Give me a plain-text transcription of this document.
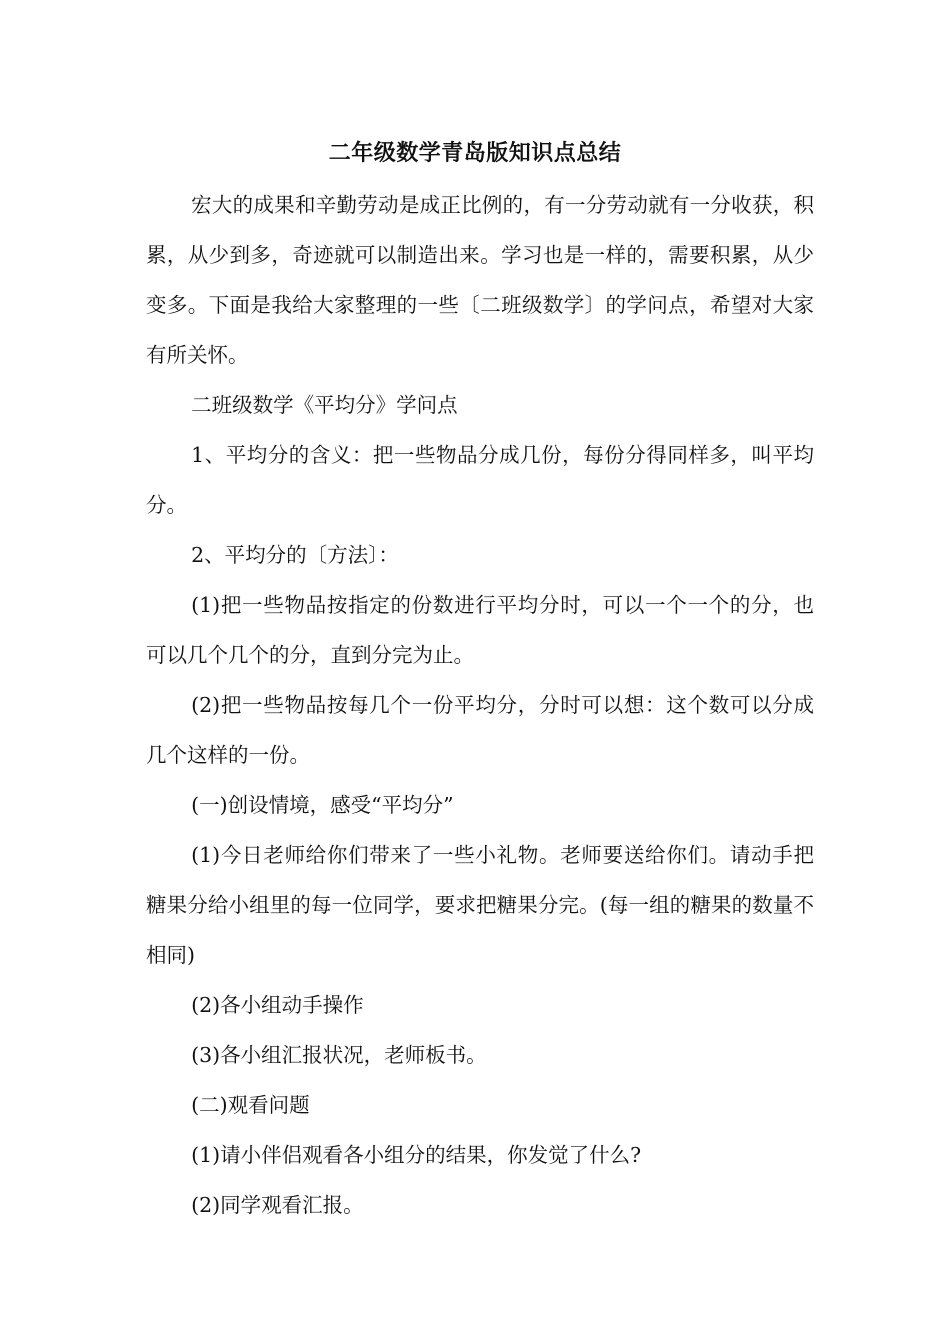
二年级数学青岛版知识点总结

宏大的成果和辛勤劳动是成正比例的，有一分劳动就有一分收获，积累，从少到多，奇迹就可以制造出来。学习也是一样的，需要积累，从少变多。下面是我给大家整理的一些〔二班级数学〕的学问点，希望对大家有所关怀。

二班级数学《平均分》学问点

1、平均分的含义：把一些物品分成几份，每份分得同样多，叫平均分。

2、平均分的〔方法〕：

(1)把一些物品按指定的份数进行平均分时，可以一个一个的分，也可以几个几个的分，直到分完为止。

(2)把一些物品按每几个一份平均分，分时可以想：这个数可以分成几个这样的一份。

(一)创设情境，感受“平均分”

(1)今日老师给你们带来了一些小礼物。老师要送给你们。请动手把糖果分给小组里的每一位同学，要求把糖果分完。(每一组的糖果的数量不相同)

(2)各小组动手操作

(3)各小组汇报状况，老师板书。

(二)观看问题

(1)请小伴侣观看各小组分的结果，你发觉了什么?

(2)同学观看汇报。
